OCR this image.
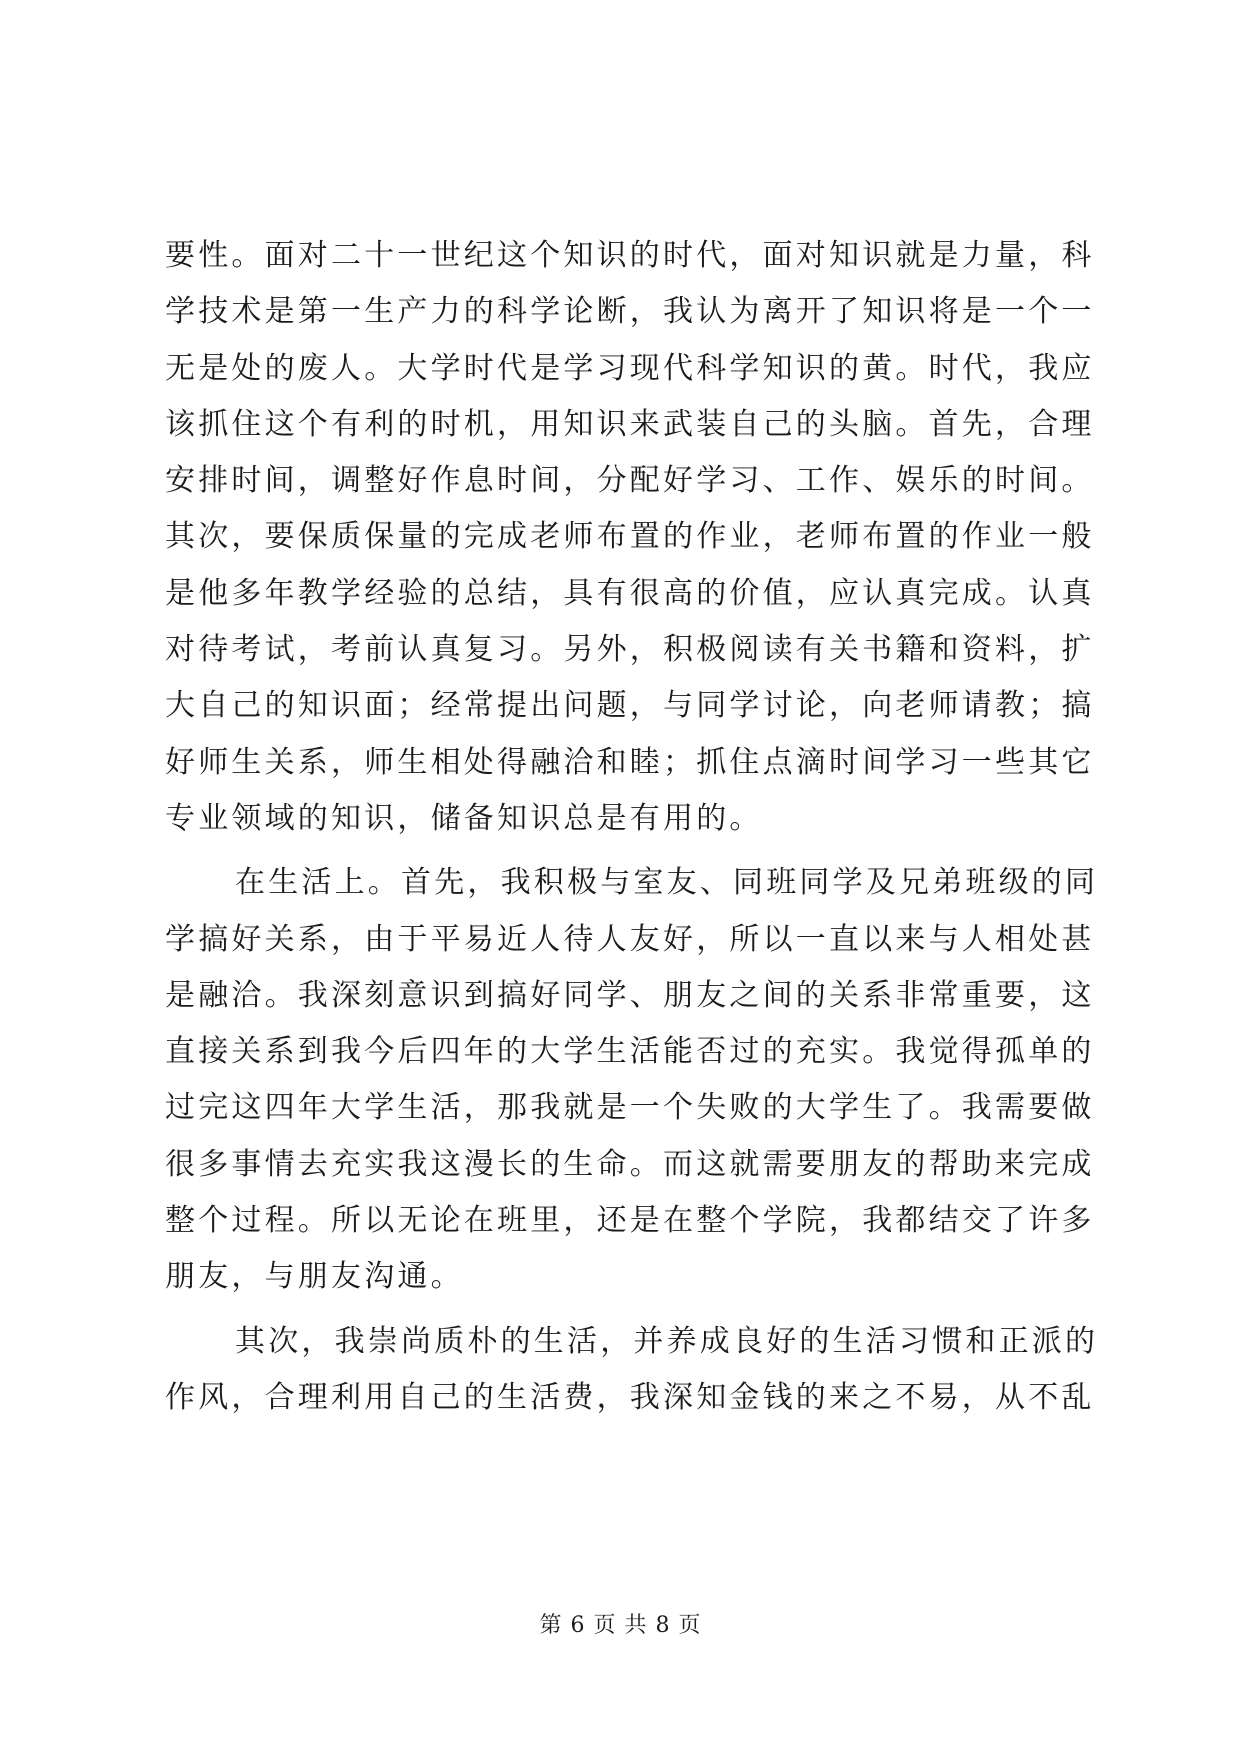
要性。面对二十一世纪这个知识的时代，面对知识就是力量，科
学技术是第一生产力的科学论断，我认为离开了知识将是一个一
无是处的废人。大学时代是学习现代科学知识的黄。时代，我应
该抓住这个有利的时机，用知识来武装自己的头脑。首先，合理
安排时间，调整好作息时间，分配好学习、工作、娱乐的时间。
其次，要保质保量的完成老师布置的作业，老师布置的作业一般
是他多年教学经验的总结，具有很高的价值，应认真完成。认真
对待考试，考前认真复习。另外，积极阅读有关书籍和资料，扩
大自己的知识面；经常提出问题，与同学讨论，向老师请教；搞
好师生关系，师生相处得融洽和睦；抓住点滴时间学习一些其它
专业领域的知识，储备知识总是有用的。
在生活上。首先，我积极与室友、同班同学及兄弟班级的同
学搞好关系，由于平易近人待人友好，所以一直以来与人相处甚
是融洽。我深刻意识到搞好同学、朋友之间的关系非常重要，这
直接关系到我今后四年的大学生活能否过的充实。我觉得孤单的
过完这四年大学生活，那我就是一个失败的大学生了。我需要做
很多事情去充实我这漫长的生命。而这就需要朋友的帮助来完成
整个过程。所以无论在班里，还是在整个学院，我都结交了许多
朋友，与朋友沟通。
其次，我崇尚质朴的生活，并养成良好的生活习惯和正派的
作风，合理利用自己的生活费，我深知金钱的来之不易，从不乱
第 6 页 共 8 页
